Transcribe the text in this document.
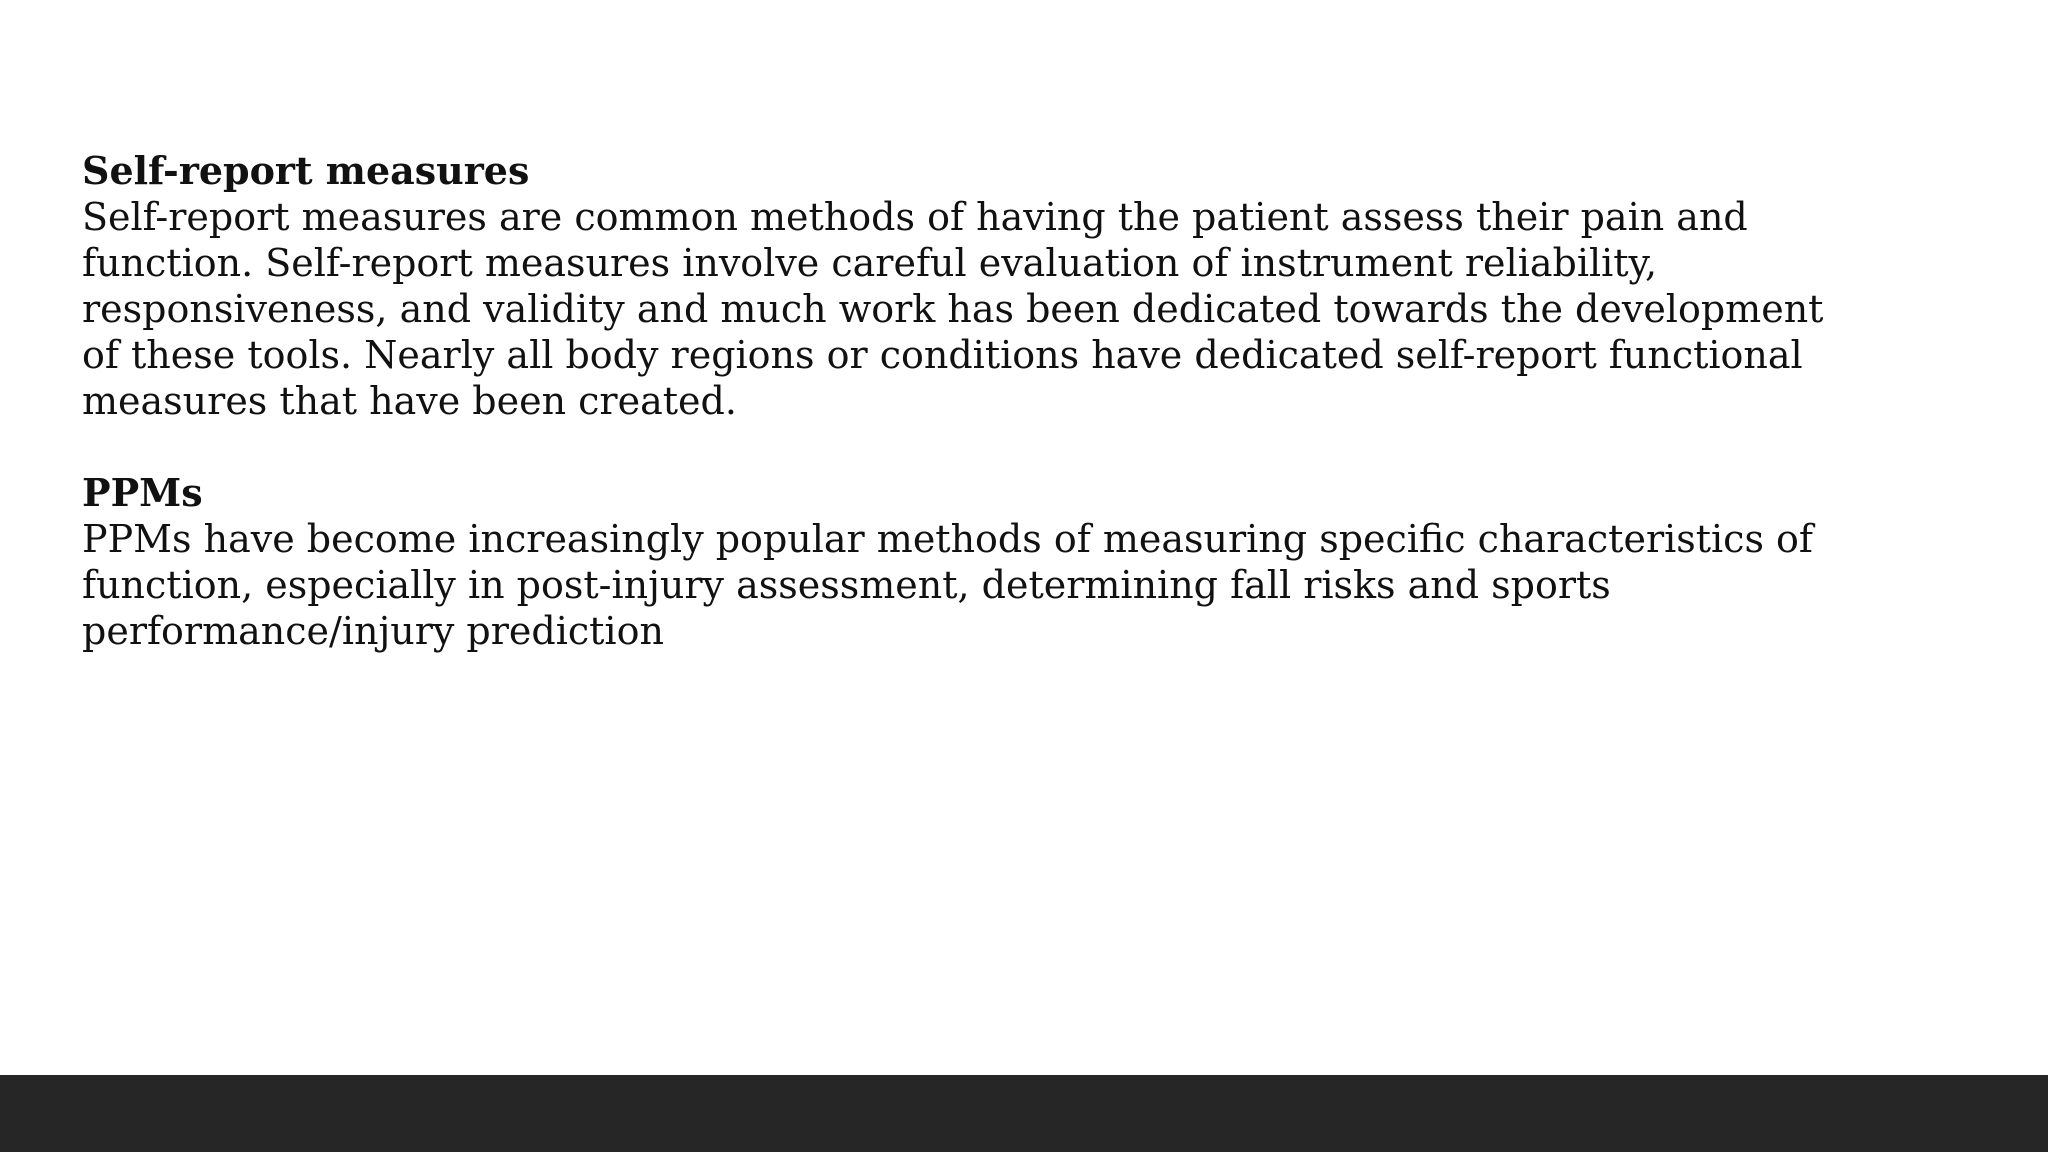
Self-report measures
Self-report measures are common methods of having the patient assess their pain and
function. Self-report measures involve careful evaluation of instrument reliability,
responsiveness, and validity and much work has been dedicated towards the development
of these tools. Nearly all body regions or conditions have dedicated self-report functional
measures that have been created.
PPMs
PPMs have become increasingly popular methods of measuring specific characteristics of
function, especially in post-injury assessment, determining fall risks and sports
performance/injury prediction
